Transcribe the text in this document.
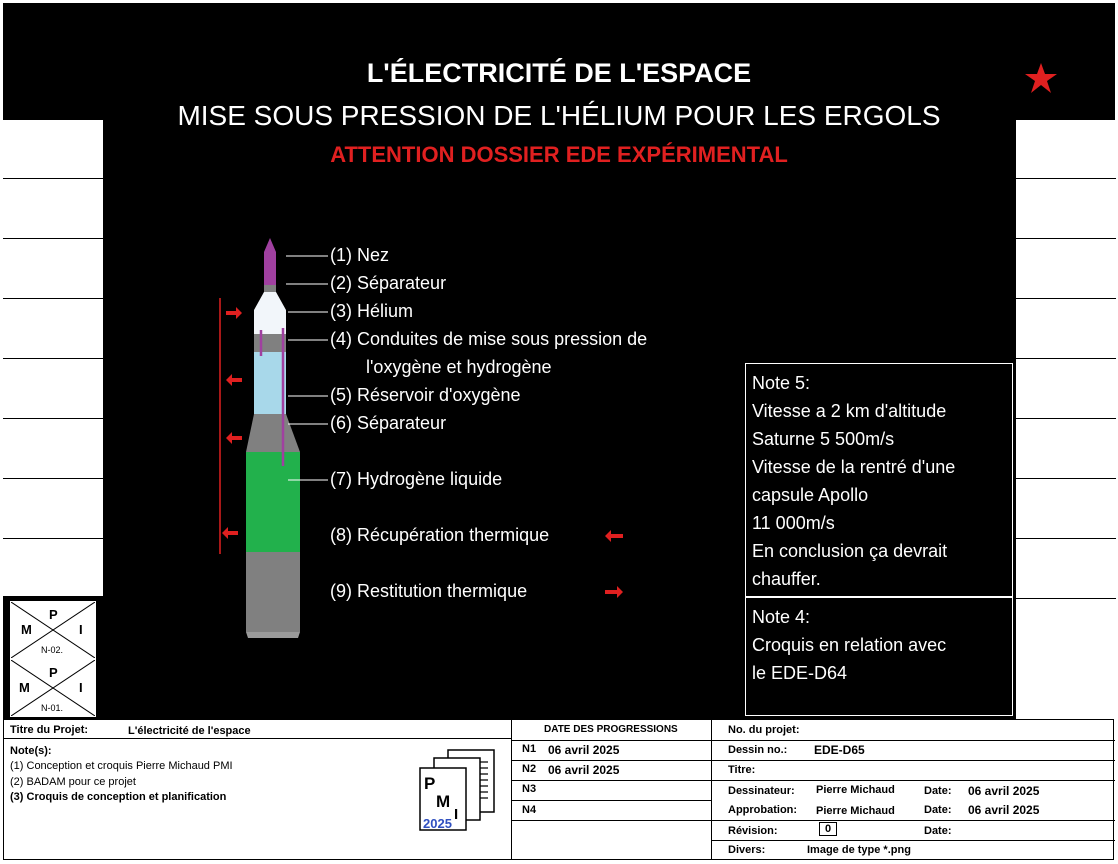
M
P
I
N-02.
M
P
I
N-01.
L'ÉLECTRICITÉ DE L'ESPACE
MISE SOUS PRESSION DE L'HÉLIUM POUR LES ERGOLS
ATTENTION DOSSIER EDE EXPÉRIMENTAL
(1) Nez
(2) Séparateur
(3) Hélium
(4) Conduites de mise sous pression de
l'oxygène et hydrogène
(5) Réservoir d'oxygène
(6) Séparateur
(7) Hydrogène liquide
(8) Récupération thermique
(9) Restitution thermique
Note 5:
Vitesse a 2 km d'altitude
Saturne 5 500m/s
Vitesse de la rentré d'une
capsule Apollo
11 000m/s
En conclusion ça devrait
chauffer.
Note 4:
Croquis en relation avec
le EDE-D64
Titre du Projet:	L'électricité de l'espace
Note(s):
(1) Conception et croquis Pierre Michaud PMI
(2) BADAM pour ce projet
(3) Croquis de conception et planification
P
M
I
2025
DATE DES PROGRESSIONS
N1 06 avril 2025
N2 06 avril 2025
N3
N4
No. du projet:
Dessin no.: EDE-D65
Titre:
Dessinateur: Pierre Michaud	Date: 06 avril 2025
Approbation: Pierre Michaud	Date: 06 avril 2025
Révision:	0	Date:
Divers:	Image de type *.png
